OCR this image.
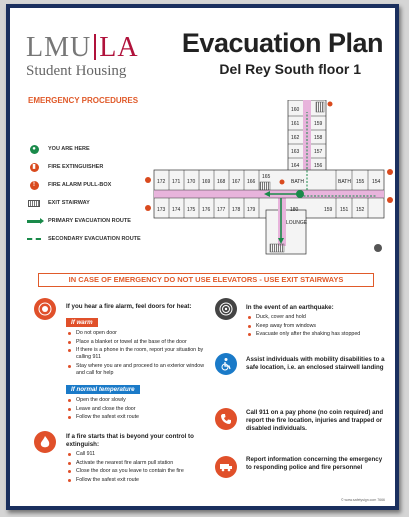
LMU LA
Student Housing
EMERGENCY PROCEDURES
Evacuation Plan
Del Rey South floor 1
●	YOU ARE HERE
▮	FIRE EXTINGUISHER
!	FIRE ALARM PULL-BOX
EXIT STAIRWAY
PRIMARY EVACUATION ROUTE
SECONDARY EVACUATION ROUTE
172 171 170 169 168 167 166
165
173 174 175 176 177 178 179	180
160
161
162
163
164
159
158
157
156
155 154
159 151 152
BATH	BATH
LOUNGE
IN CASE OF EMERGENCY DO NOT USE ELEVATORS - USE EXIT STAIRWAYS
If you hear a fire alarm, feel doors for heat:
If warm
Do not open door
Place a blanket or towel at the base of the door
If there is a phone in the room, report your situation by calling 911
Stay where you are and proceed to an exterior window and call for help
If normal temperature
Open the door slowly
Leave and close the door
Follow the safest exit route
If a fire starts that is beyond your control to extinguish:
Call 911
Activate the nearest fire alarm pull station
Close the door as you leave to contain the fire
Follow the safest exit route
In the event of an earthquake:
Duck, cover and hold
Keep away from windows
Evacuate only after the shaking has stopped
Assist individuals with mobility disabilities to a safe location, i.e. an enclosed stairwell landing
Call 911 on a pay phone (no coin required) and report the fire location, injuries and trapped or disabled individuals.
Report information concerning the emergency to responding police and fire personnel
© www.safetysign.com 7666
